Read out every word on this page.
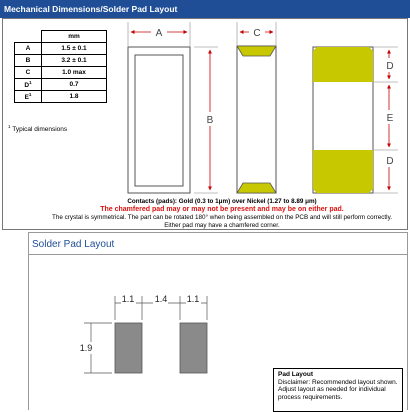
Mechanical Dimensions/Solder Pad Layout
	mm
A	1.5 ± 0.1
B	3.2 ± 0.1
C	1.0 max
$D^1$	0.7
$E^1$	1.8
$^1$ Typical dimensions
A	C
B
D
E
D
Contacts (pads): Gold (0.3 to 1μm) over Nickel (1.27 to 8.89 μm)
The chamfered pad may or may not be present and may be on either pad.
The crystal is symmetrical. The part can be rotated 180° when being assembled on the PCB and will still perform correctly.
Either pad may have a chamfered corner.
Solder Pad Layout
1.1 1.4 1.1
1.9
Pad Layout
Disclaimer: Recommended layout shown. Adjust layout as needed for individual process requirements.
